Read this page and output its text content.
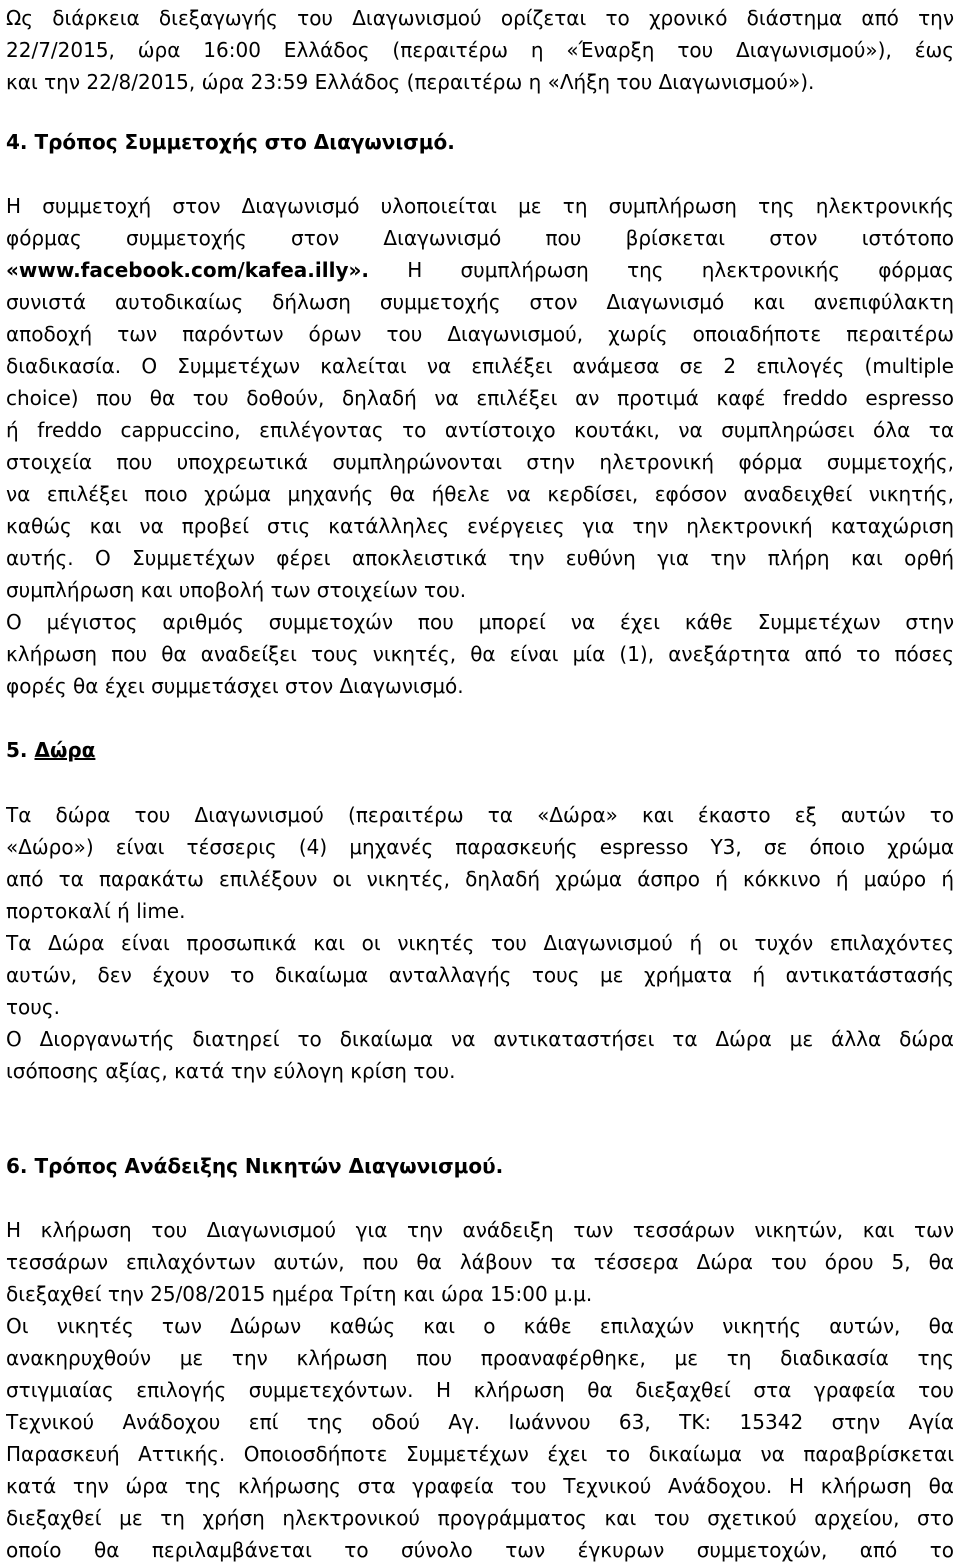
Ως διάρκεια διεξαγωγής του Διαγωνισμού ορίζεται το χρονικό διάστημα από την
22/7/2015, ώρα 16:00 Ελλάδος (περαιτέρω η «Έναρξη του Διαγωνισμού»), έως
και την 22/8/2015, ώρα 23:59 Ελλάδος (περαιτέρω η «Λήξη του Διαγωνισμού»).
4. Τρόπος Συμμετοχής στο Διαγωνισμό.
Η συμμετοχή στον Διαγωνισμό υλοποιείται με τη συμπλήρωση της ηλεκτρονικής
φόρμας συμμετοχής στον Διαγωνισμό που βρίσκεται στον ιστότοπο
«www.facebook.com/kafea.illy». Η συμπλήρωση της ηλεκτρονικής φόρμας
συνιστά αυτοδικαίως δήλωση συμμετοχής στον Διαγωνισμό και ανεπιφύλακτη
αποδοχή των παρόντων όρων του Διαγωνισμού, χωρίς οποιαδήποτε περαιτέρω
διαδικασία. Ο Συμμετέχων καλείται να επιλέξει ανάμεσα σε 2 επιλογές (multiple
choice) που θα του δοθούν, δηλαδή να επιλέξει αν προτιμά καφέ freddo espresso
ή freddo cappuccino, επιλέγοντας το αντίστοιχο κουτάκι, να συμπληρώσει όλα τα
στοιχεία που υποχρεωτικά συμπληρώνονται στην ηλετρονική φόρμα συμμετοχής,
να επιλέξει ποιο χρώμα μηχανής θα ήθελε να κερδίσει, εφόσον αναδειχθεί νικητής,
καθώς και να προβεί στις κατάλληλες ενέργειες για την ηλεκτρονική καταχώριση
αυτής. Ο Συμμετέχων φέρει αποκλειστικά την ευθύνη για την πλήρη και ορθή
συμπλήρωση και υποβολή των στοιχείων του.
Ο μέγιστος αριθμός συμμετοχών που μπορεί να έχει κάθε Συμμετέχων στην
κλήρωση που θα αναδείξει τους νικητές, θα είναι μία (1), ανεξάρτητα από το πόσες
φορές θα έχει συμμετάσχει στον Διαγωνισμό.
5. Δώρα
Τα δώρα του Διαγωνισμού (περαιτέρω τα «Δώρα» και έκαστο εξ αυτών το
«Δώρο») είναι τέσσερις (4) μηχανές παρασκευής espresso Y3, σε όποιο χρώμα
από τα παρακάτω επιλέξουν οι νικητές, δηλαδή χρώμα άσπρο ή κόκκινο ή μαύρο ή
πορτοκαλί ή lime.
Τα Δώρα είναι προσωπικά και οι νικητές του Διαγωνισμού ή οι τυχόν επιλαχόντες
αυτών, δεν έχουν το δικαίωμα ανταλλαγής τους με χρήματα ή αντικατάστασής
τους.
Ο Διοργανωτής διατηρεί το δικαίωμα να αντικαταστήσει τα Δώρα με άλλα δώρα
ισόποσης αξίας, κατά την εύλογη κρίση του.
6. Τρόπος Ανάδειξης Νικητών Διαγωνισμού.
Η κλήρωση του Διαγωνισμού για την ανάδειξη των τεσσάρων νικητών, και των
τεσσάρων επιλαχόντων αυτών, που θα λάβουν τα τέσσερα Δώρα του όρου 5, θα
διεξαχθεί την 25/08/2015 ημέρα Τρίτη και ώρα 15:00 μ.μ.
Οι νικητές των Δώρων καθώς και ο κάθε επιλαχών νικητής αυτών, θα
ανακηρυχθούν με την κλήρωση που προαναφέρθηκε, με τη διαδικασία της
στιγμιαίας επιλογής συμμετεχόντων. Η κλήρωση θα διεξαχθεί στα γραφεία του
Τεχνικού Ανάδοχου επί της οδού Αγ. Ιωάννου 63, ΤΚ: 15342 στην Αγία
Παρασκευή Αττικής. Οποιοσδήποτε Συμμετέχων έχει το δικαίωμα να παραβρίσκεται
κατά την ώρα της κλήρωσης στα γραφεία του Τεχνικού Ανάδοχου. Η κλήρωση θα
διεξαχθεί με τη χρήση ηλεκτρονικού προγράμματος και του σχετικού αρχείου, στο
οποίο θα περιλαμβάνεται το σύνολο των έγκυρων συμμετοχών, από το
